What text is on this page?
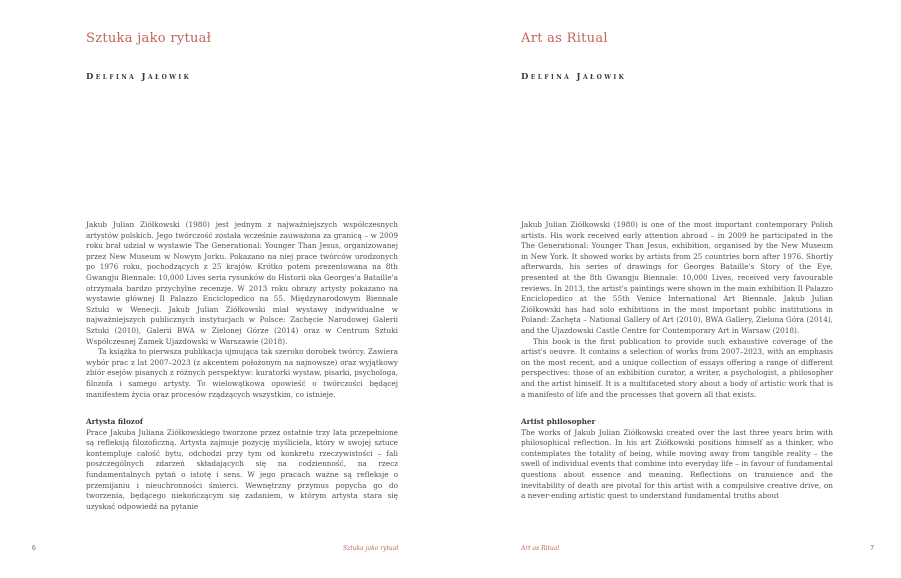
Sztuka jako rytuał
Delfina Jałowik

Jakub Julian Ziółkowski (1980) jest jednym z najważniejszych współczesnych artystów polskich. Jego twórczość została wcześnie zauważona za granicą – w 2009 roku brał udział w wystawie The Generational: Younger Than Jesus, organizowanej przez New Museum w Nowym Jorku. Pokazano na niej prace twórców urodzonych po 1976 roku, pochodzących z 25 krajów. Krótko potem prezentowana na 8th Gwangju Biennale: 10,000 Lives seria rysunków do Historii oka Georges'a Bataille'a otrzymała bardzo przychylne recenzje. W 2013 roku obrazy artysty pokazano na wystawie głównej Il Palazzo Enciclopedico na 55. Międzynarodowym Biennale Sztuki w Wenecji. Jakub Julian Ziółkowski miał wystawy indywidualne w najważniejszych publicznych instytucjach w Polsce: Zachęcie Narodowej Galerii Sztuki (2010), Galerii BWA w Zielonej Górze (2014) oraz w Centrum Sztuki Współczesnej Zamek Ujazdowski w Warszawie (2018).

Ta książka to pierwsza publikacja ujmująca tak szeroko dorobek twórcy. Zawiera wybór prac z lat 2007–2023 (z akcentem położonym na najnowsze) oraz wyjątkowy zbiór esejów pisanych z różnych perspektyw: kuratorki wystaw, pisarki, psychologa, filozofa i samego artysty. To wielowątkowa opowieść o twórczości będącej manifestem życia oraz procesów rządzących wszystkim, co istnieje.

Artysta filozof

Prace Jakuba Juliana Ziółkowskiego tworzone przez ostatnie trzy lata przepełnione są refleksją filozoficzną. Artysta zajmuje pozycję myśliciela, który w swojej sztuce kontempluje całość bytu, odchodzi przy tym od konkretu rzeczywistości – fali poszczególnych zdarzeń składających się na codzienność, na rzecz fundamentalnych pytań o istotę i sens. W jego pracach ważne są refleksje o przemijaniu i nieuchronności śmierci. Wewnętrzny przymus popycha go do tworzenia, będącego niekończącym się zadaniem, w którym artysta stara się uzyskać odpowiedź na pytanie

6	Sztuka jako rytuał
Art as Ritual
Delfina Jałowik

Jakub Julian Ziółkowski (1980) is one of the most important contemporary Polish artists. His work received early attention abroad – in 2009 he participated in the The Generational: Younger Than Jesus, exhibition, organised by the New Museum in New York. It showed works by artists from 25 countries born after 1976. Shortly afterwards, his series of drawings for Georges Bataille's Story of the Eye, presented at the 8th Gwangju Biennale: 10,000 Lives, received very favourable reviews. In 2013, the artist's paintings were shown in the main exhibition Il Palazzo Enciclopedico at the 55th Venice International Art Biennale. Jakub Julian Ziółkowski has had solo exhibitions in the most important public institutions in Poland: Zachęta – National Gallery of Art (2010), BWA Gallery, Zielona Góra (2014), and the Ujazdowski Castle Centre for Contemporary Art in Warsaw (2018).

This book is the first publication to provide such exhaustive coverage of the artist's oeuvre. It contains a selection of works from 2007–2023, with an emphasis on the most recent, and a unique collection of essays offering a range of different perspectives: those of an exhibition curator, a writer, a psychologist, a philosopher and the artist himself. It is a multifaceted story about a body of artistic work that is a manifesto of life and the processes that govern all that exists.

Artist philosopher

The works of Jakub Julian Ziółkowski created over the last three years brim with philosophical reflection. In his art Ziółkowski positions himself as a thinker, who contemplates the totality of being, while moving away from tangible reality – the swell of individual events that combine into everyday life – in favour of fundamental questions about essence and meaning. Reflections on transience and the inevitability of death are pivotal for this artist with a compulsive creative drive, on a never-ending artistic quest to understand fundamental truths about

Art as Ritual	7
